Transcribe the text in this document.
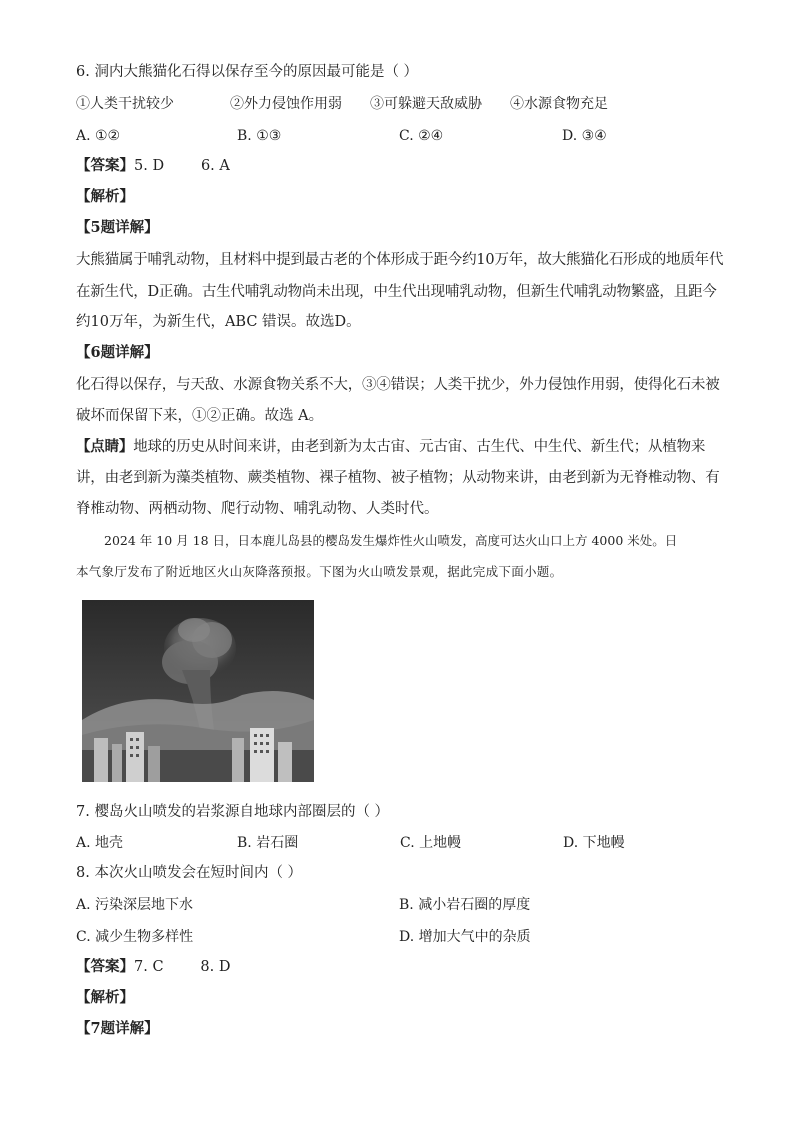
6. 洞内大熊猫化石得以保存至今的原因最可能是（ ）
①人类干扰较少	②外力侵蚀作用弱 ③可躲避天敌威胁 ④水源食物充足
A. ①②	B. ①③	C. ②④	D. ③④
【答案】5. D        6. A
【解析】
【5题详解】
大熊猫属于哺乳动物，且材料中提到最古老的个体形成于距今约10万年，故大熊猫化石形成的地质年代
在新生代，D正确。古生代哺乳动物尚未出现，中生代出现哺乳动物，但新生代哺乳动物繁盛，且距今
约10万年，为新生代，ABC 错误。故选D。
【6题详解】
化石得以保存，与天敌、水源食物关系不大，③④错误；人类干扰少，外力侵蚀作用弱，使得化石未被
破坏而保留下来，①②正确。故选 A。
【点睛】地球的历史从时间来讲，由老到新为太古宙、元古宙、古生代、中生代、新生代；从植物来
讲，由老到新为藻类植物、蕨类植物、裸子植物、被子植物；从动物来讲，由老到新为无脊椎动物、有
脊椎动物、两栖动物、爬行动物、哺乳动物、人类时代。
2024 年 10 月 18 日，日本鹿儿岛县的樱岛发生爆炸性火山喷发，高度可达火山口上方 4000 米处。日
本气象厅发布了附近地区火山灰降落预报。下图为火山喷发景观，据此完成下面小题。
7. 樱岛火山喷发的岩浆源自地球内部圈层的（ ）
A. 地壳	B. 岩石圈	C. 上地幔	D. 下地幔
8. 本次火山喷发会在短时间内（ ）
A. 污染深层地下水	B. 减小岩石圈的厚度
C. 减少生物多样性	D. 增加大气中的杂质
【答案】7. C        8. D
【解析】
【7题详解】
